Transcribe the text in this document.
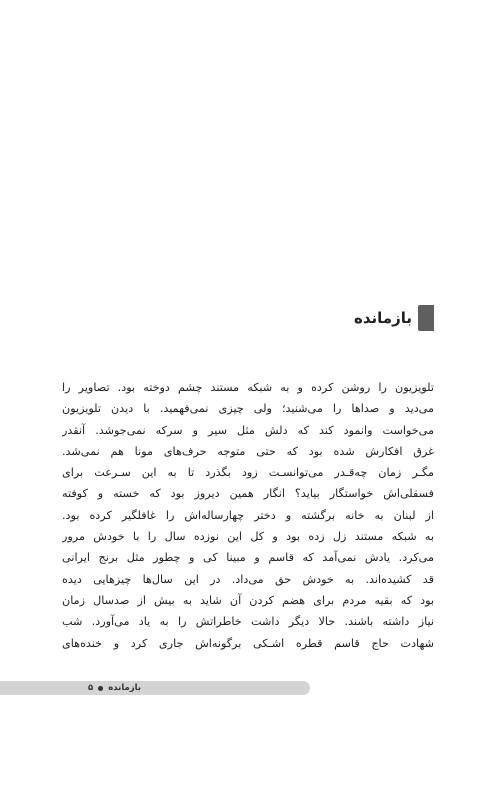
بازمانده
تلویزیون را روشن کرده و به شبکه مستند چشم دوخته بود. تصاویر را
می‌دید و صداها را می‌شنید؛ ولی چیزی نمی‌فهمید. با دیدن تلویزیون
می‌خواست وانمود کند که دلش مثل سیر و سرکه نمی‌جوشد. آنقدر
غرق افکارش شده بود که حتی متوجه حرف‌های مونا هم نمی‌شد.
مگـر زمان چه‌قـدر می‌توانسـت زود بگذرد تا به این سـرعت برای
فسقلی‌اش خواستگار بیاید؟ انگار همین دیروز بود که خسته و کوفته
از لبنان به خانه برگشته و دختر چهارساله‌اش را غافلگیر کرده بود.
به شبکه مستند زل زده بود و کل این نوزده سال را با خودش مرور
می‌کرد. یادش نمی‌آمد که قاسم و مبینا کی و چطور مثل برنج ایرانی
قد کشیده‌اند. به خودش حق می‌داد. در این سال‌ها چیزهایی دیده
بود که بقیه مردم برای هضم کردن آن شاید به بیش از صدسال زمان
نیاز داشته باشند. حالا دیگر داشت خاطراتش را به یاد می‌آورد. شب
شهادت حاج قاسم قطره اشـکی برگونه‌اش جاری کرد و خنده‌های
بازمانده
۵
